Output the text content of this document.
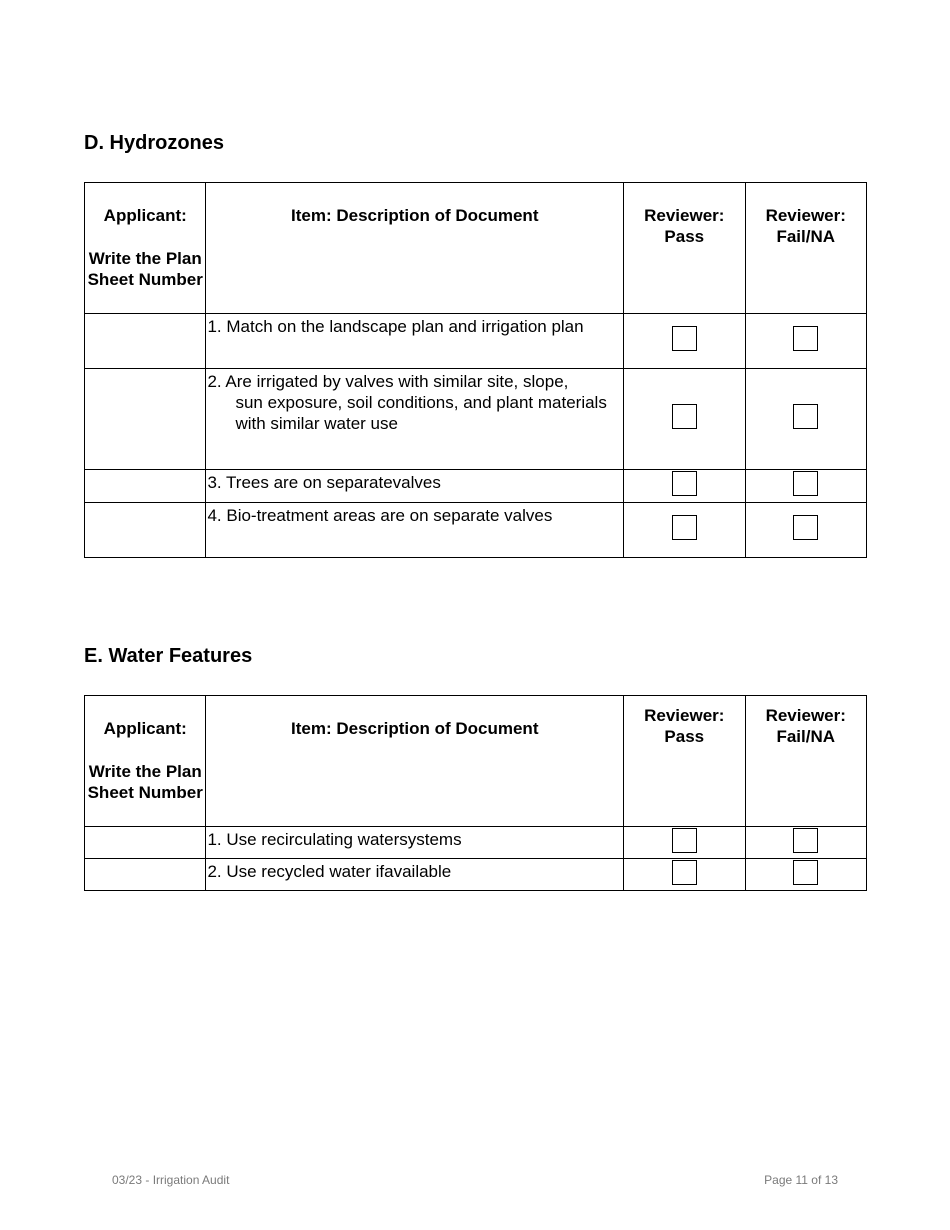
D. Hydrozones
Applicant:
Write the Plan Sheet Number	Item: Description of Document	Reviewer: Pass	Reviewer: Fail/NA

	1. Match on the landscape plan and irrigation plan		

	2. Are irrigated by valves with similar site, slope,
sun exposure, soil conditions, and plant materials with similar water use		

	3. Trees are on separatevalves		

	4. Bio-treatment areas are on separate valves		

E. Water Features
Applicant:
Write the Plan Sheet Number	Item: Description of Document	Reviewer: Pass	Reviewer: Fail/NA

	1. Use recirculating watersystems		

	2. Use recycled water ifavailable		

03/23 - Irrigation Audit	Page 11 of 13
